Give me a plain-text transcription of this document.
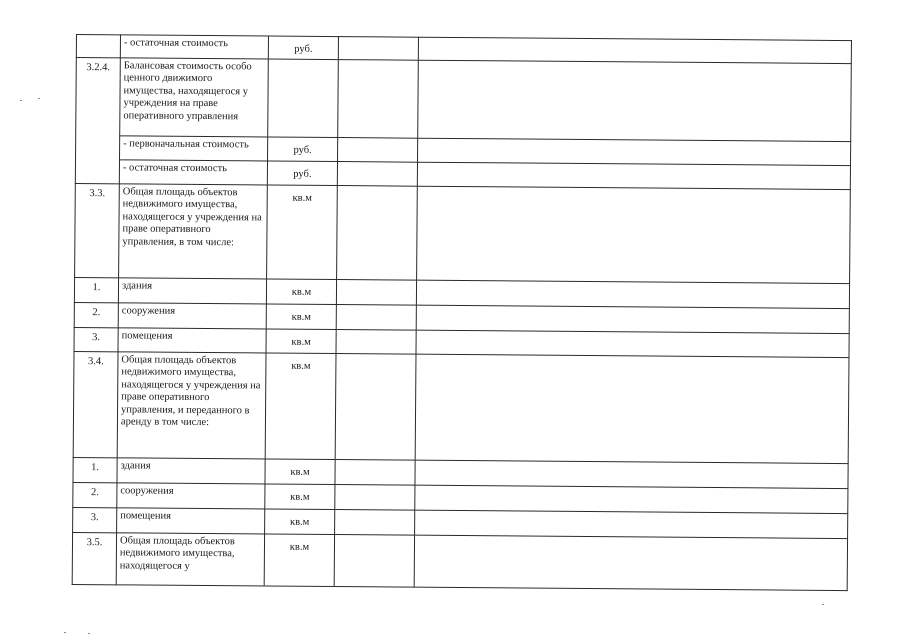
	- остаточная стоимость	руб.		

3.2.4.	Балансовая стоимость особо ценного движимого имущества, находящегося у учреждения на праве оперативного управления	

	- первоначальная стоимость	руб.		

	- остаточная стоимость	руб.		

3.3.	Общая площадь объектов недвижимого имущества, находящегося у учреждения на праве оперативного управления, в том числе:	кв.м		

1.	здания	кв.м		

2.	сооружения	кв.м		

3.	помещения	кв.м		

3.4.	Общая площадь объектов недвижимого имущества, находящегося у учреждения на праве оперативного управления, и переданного в аренду в том числе:	кв.м		

1.	здания	кв.м		

2.	сооружения	кв.м		

3.	помещения	кв.м		

3.5.	Общая площадь объектов недвижимого имущества, находящегося у	кв.м		
